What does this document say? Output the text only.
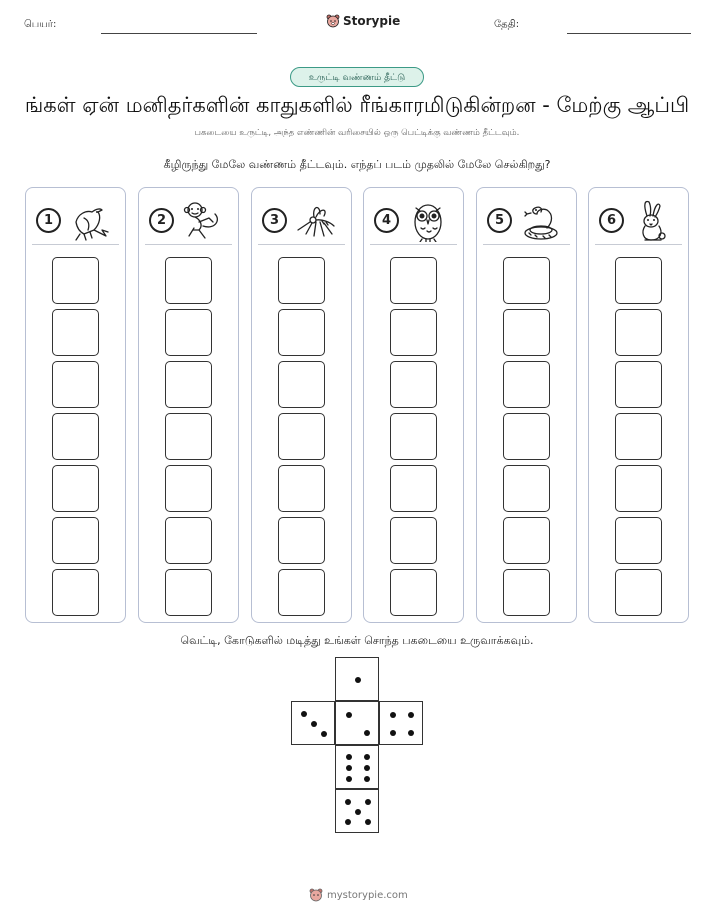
பெயர்:	Storypie	தேதி:
உருட்டி வண்ணம் தீட்டு
ங்கள் ஏன் மனிதர்களின் காதுகளில் ரீங்காரமிடுகின்றன - மேற்கு ஆப்பி
பகடையை உருட்டி, அந்த எண்ணின் வரிசையில் ஒரு பெட்டிக்கு வண்ணம் தீட்டவும்.
கீழிருந்து மேலே வண்ணம் தீட்டவும். எந்தப் படம் முதலில் மேலே செல்கிறது?
1	2	3	4	5	6
வெட்டி, கோடுகளில் மடித்து உங்கள் சொந்த பகடையை உருவாக்கவும்.
mystorypie.com
